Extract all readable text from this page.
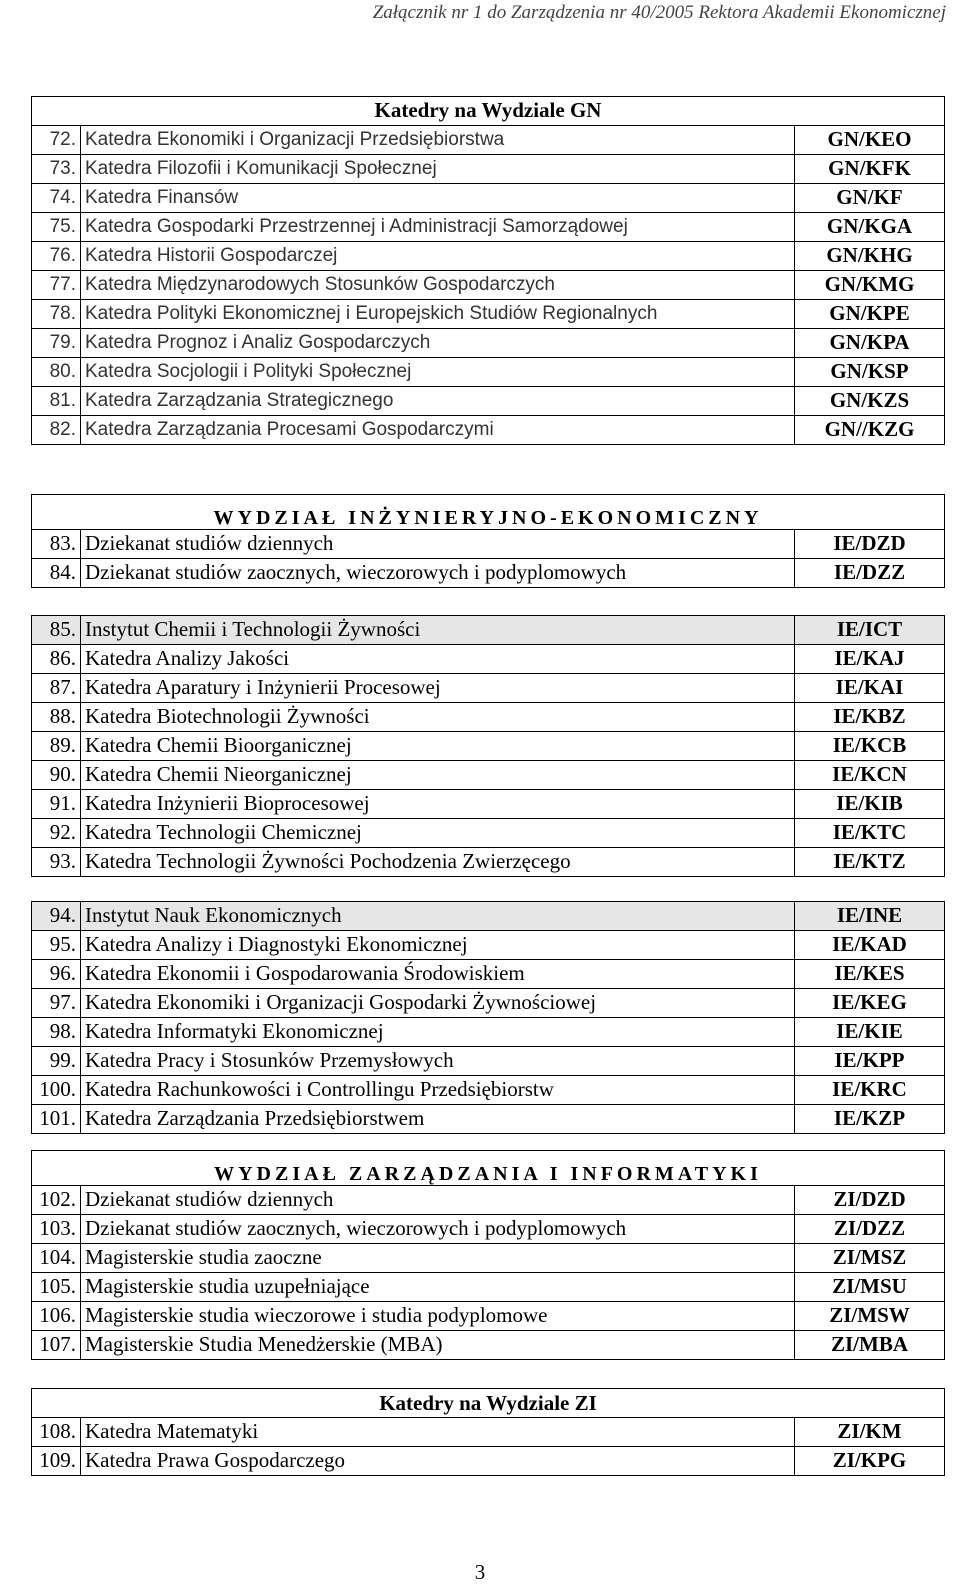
Załącznik nr 1 do Zarządzenia nr 40/2005 Rektora Akademii Ekonomicznej
Katedry na Wydziale GN		
72.	Katedra Ekonomiki i Organizacji Przedsiębiorstwa	GN/KEO
73.	Katedra Filozofii i Komunikacji Społecznej	GN/KFK
74.	Katedra Finansów	GN/KF
75.	Katedra Gospodarki Przestrzennej i Administracji Samorządowej	GN/KGA
76.	Katedra Historii Gospodarczej	GN/KHG
77.	Katedra Międzynarodowych Stosunków Gospodarczych	GN/KMG
78.	Katedra Polityki Ekonomicznej i Europejskich Studiów Regionalnych	GN/KPE
79.	Katedra Prognoz i Analiz Gospodarczych	GN/KPA
80.	Katedra Socjologii i Polityki Społecznej	GN/KSP
81.	Katedra Zarządzania Strategicznego	GN/KZS
82.	Katedra Zarządzania Procesami Gospodarczymi	GN//KZG
WYDZIAŁ INŻYNIERYJNO-EKONOMICZNY		
83.	Dziekanat studiów dziennych	IE/DZD
84.	Dziekanat studiów zaocznych, wieczorowych i podyplomowych	IE/DZZ
85.	Instytut Chemii i Technologii Żywności	IE/ICT
86.	Katedra Analizy Jakości	IE/KAJ
87.	Katedra Aparatury i Inżynierii Procesowej	IE/KAI
88.	Katedra Biotechnologii Żywności	IE/KBZ
89.	Katedra Chemii Bioorganicznej	IE/KCB
90.	Katedra Chemii Nieorganicznej	IE/KCN
91.	Katedra Inżynierii Bioprocesowej	IE/KIB
92.	Katedra Technologii Chemicznej	IE/KTC
93.	Katedra Technologii Żywności Pochodzenia Zwierzęcego	IE/KTZ
94.	Instytut Nauk Ekonomicznych	IE/INE
95.	Katedra Analizy i Diagnostyki Ekonomicznej	IE/KAD
96.	Katedra Ekonomii i Gospodarowania Środowiskiem	IE/KES
97.	Katedra Ekonomiki i Organizacji Gospodarki Żywnościowej	IE/KEG
98.	Katedra Informatyki Ekonomicznej	IE/KIE
99.	Katedra Pracy i Stosunków Przemysłowych	IE/KPP
100.	Katedra Rachunkowości i Controllingu Przedsiębiorstw	IE/KRC
101.	Katedra Zarządzania Przedsiębiorstwem	IE/KZP
WYDZIAŁ ZARZĄDZANIA I INFORMATYKI		
102.	Dziekanat studiów dziennych	ZI/DZD
103.	Dziekanat studiów zaocznych, wieczorowych i podyplomowych	ZI/DZZ
104.	Magisterskie studia zaoczne	ZI/MSZ
105.	Magisterskie studia uzupełniające	ZI/MSU
106.	Magisterskie studia wieczorowe i studia podyplomowe	ZI/MSW
107.	Magisterskie Studia Menedżerskie (MBA)	ZI/MBA
Katedry na Wydziale ZI		
108.	Katedra Matematyki	ZI/KM
109.	Katedra Prawa Gospodarczego	ZI/KPG
3
